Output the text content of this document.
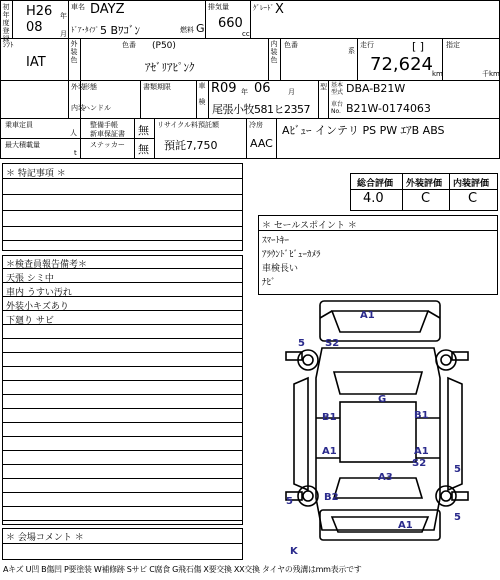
初年
度登
録
H26 年
08 月
車名 DAYZ
ﾄﾞｱ･ﾀｲﾌﾟ 5 Bﾜｺﾞﾝ	燃料 G
排気量
660
cc
ｸﾞﾚｰﾄﾞ X
ｼﾌﾄ
IAT
外
装
色
色番 (P50)
ｱｾﾞﾘｱﾋﾟﾝｸ
内
装
色
色番
系
走行	[ ]
72,624 km
指定
千km
外装
内装
形態
ハンドル
書類期限	車

検
R09 年 06 月
尾張小牧581ヒ2357
型 基本
型式 DBA-B21W
車台
No. B21W-0174063
乗車定員
人
最大積載量
t
整備手帳
新車保証書
ステッカー
無
無
リサイクル料預託額
預託7,750
冷房
AAC
Aﾋﾞｭｰ インテリ PS PW ｴｱB ABS
＊ 特記事項 ＊
総合評価 外装評価 内装評価
4.0	C	C
＊ セールスポイント ＊
ｽﾏｰﾄｷｰ
ｱﾗｳﾝﾄﾞﾋﾞｭｰｶﾒﾗ
車検長い
ﾅﾋﾞ
＊検査員報告備考＊
天張 シミ中
車内 うすい汚れ
外装小キズあり
下廻り サビ
＊ 会場コメント ＊
Aキズ U凹 B傷凹 P要塗装 W補修跡 Sサビ C腐食 G飛石傷 X要交換 XX交換 タイヤの残溝はmm表示です
A1
S2
5
G
B1	B1
A1	A1
A3
S2
5
B2
5
A1
K
5
